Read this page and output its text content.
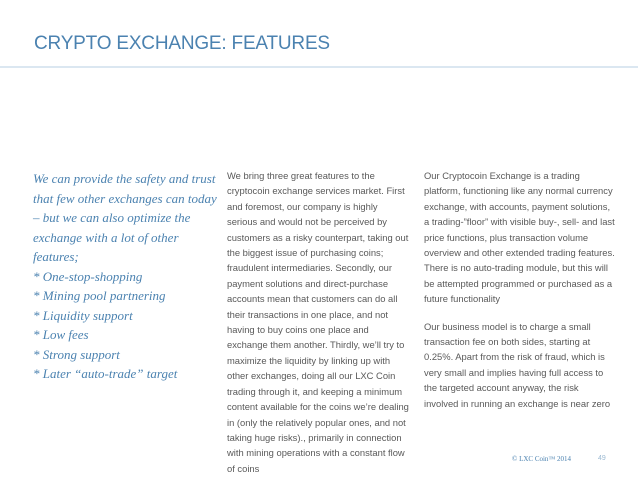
CRYPTO EXCHANGE: FEATURES

We can provide the safety and trust that few other exchanges can today – but we can also optimize the exchange with a lot of other features;

* One-stop-shopping
* Mining pool partnering
* Liquidity support
* Low fees
* Strong support
* Later “auto-trade” target

We bring three great features to the cryptocoin exchange services market. First and foremost, our company is highly serious and would not be perceived by customers as a risky counterpart, taking out the biggest issue of purchasing coins; fraudulent intermediaries. Secondly, our payment solutions and direct-purchase accounts mean that customers can do all their transactions in one place, and not having to buy coins one place and exchange them another. Thirdly, we’ll try to maximize the liquidity by linking up with other exchanges, doing all our LXC Coin trading through it, and keeping a minimum content available for the coins we’re dealing in (only the relatively popular ones, and not taking huge risks)., primarily in connection with mining operations with a constant flow of coins

Our Cryptocoin Exchange is a trading platform, functioning like any normal currency exchange, with accounts, payment solutions, a trading-”floor” with visible buy-, sell- and last price functions, plus transaction volume overview and other extended trading features. There is no auto-trading module, but this will be attempted programmed or purchased as a future functionality

Our business model is to charge a small transaction fee on both sides, starting at 0.25%. Apart from the risk of fraud, which is very small and implies having full access to the targeted account anyway, the risk involved in running an exchange is near zero

© LXC Coin™ 2014	49
